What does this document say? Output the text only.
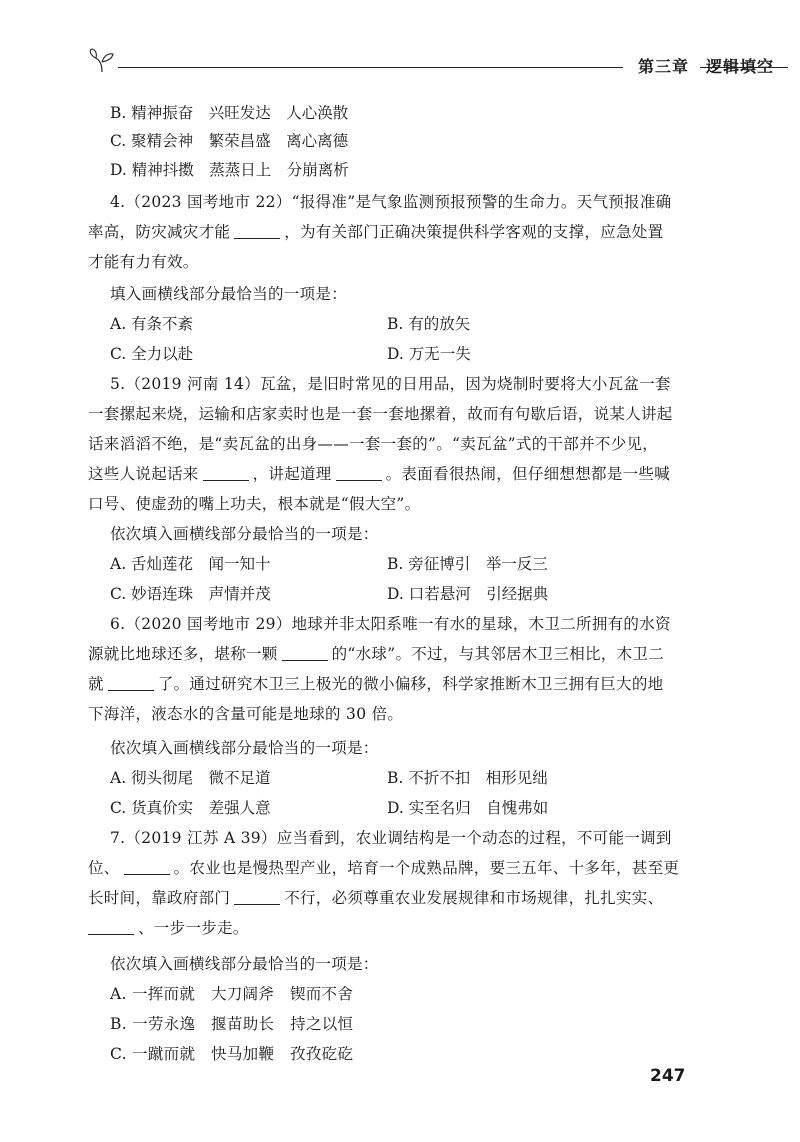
第三章　逻辑填空
B. 精神振奋　兴旺发达　人心涣散
C. 聚精会神　繁荣昌盛　离心离德
D. 精神抖擞　蒸蒸日上　分崩离析
4.（2023 国考地市 22）“报得准”是气象监测预报预警的生命力。天气预报准确
率高，防灾减灾才能	，为有关部门正确决策提供科学客观的支撑，应急处置
才能有力有效。
填入画横线部分最恰当的一项是：
A. 有条不紊	B. 有的放矢
C. 全力以赴	D. 万无一失
5.（2019 河南 14）瓦盆，是旧时常见的日用品，因为烧制时要将大小瓦盆一套
一套摞起来烧，运输和店家卖时也是一套一套地摞着，故而有句歇后语，说某人讲起
话来滔滔不绝，是“卖瓦盆的出身——一套一套的”。“卖瓦盆”式的干部并不少见，
这些人说起话来	，讲起道理	。表面看很热闹，但仔细想想都是一些喊
口号、使虚劲的嘴上功夫，根本就是“假大空”。
依次填入画横线部分最恰当的一项是：
A. 舌灿莲花　闻一知十	B. 旁征博引　举一反三
C. 妙语连珠　声情并茂	D. 口若悬河　引经据典
6.（2020 国考地市 29）地球并非太阳系唯一有水的星球，木卫二所拥有的水资
源就比地球还多，堪称一颗	的“水球”。不过，与其邻居木卫三相比，木卫二
就	了。通过研究木卫三上极光的微小偏移，科学家推断木卫三拥有巨大的地
下海洋，液态水的含量可能是地球的 30 倍。
依次填入画横线部分最恰当的一项是：
A. 彻头彻尾　微不足道	B. 不折不扣　相形见绌
C. 货真价实　差强人意	D. 实至名归　自愧弗如
7.（2019 江苏 A 39）应当看到，农业调结构是一个动态的过程，不可能一调到
位、	。农业也是慢热型产业，培育一个成熟品牌，要三五年、十多年，甚至更
长时间，靠政府部门	不行，必须尊重农业发展规律和市场规律，扎扎实实、
、一步一步走。
依次填入画横线部分最恰当的一项是：
A. 一挥而就　大刀阔斧　锲而不舍
B. 一劳永逸　揠苗助长　持之以恒
C. 一蹴而就　快马加鞭　孜孜矻矻
247
